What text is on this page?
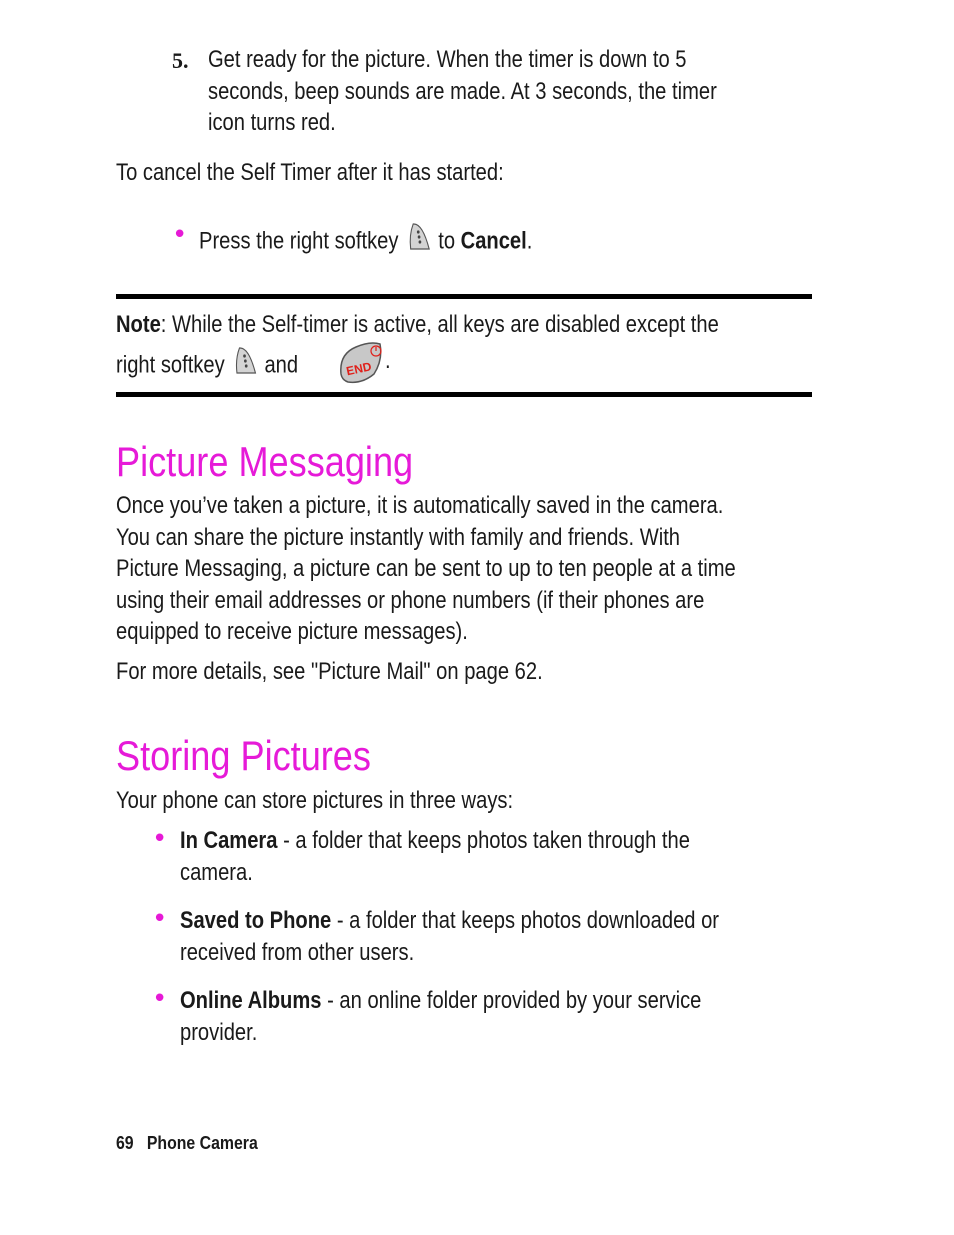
5. Get ready for the picture. When the timer is down to 5
seconds, beep sounds are made. At 3 seconds, the timer
icon turns red.
To cancel the Self Timer after it has started:
• Press the right softkey to Cancel.
Note: While the Self-timer is active, all keys are disabled except the
right softkey and	END .
Picture Messaging
Once you’ve taken a picture, it is automatically saved in the camera.
You can share the picture instantly with family and friends. With
Picture Messaging, a picture can be sent to up to ten people at a time
using their email addresses or phone numbers (if their phones are
equipped to receive picture messages).
For more details, see "Picture Mail" on page 62.
Storing Pictures
Your phone can store pictures in three ways:
• In Camera - a folder that keeps photos taken through the
camera.
• Saved to Phone - a folder that keeps photos downloaded or
received from other users.
• Online Albums - an online folder provided by your service
provider.
69 Phone Camera
